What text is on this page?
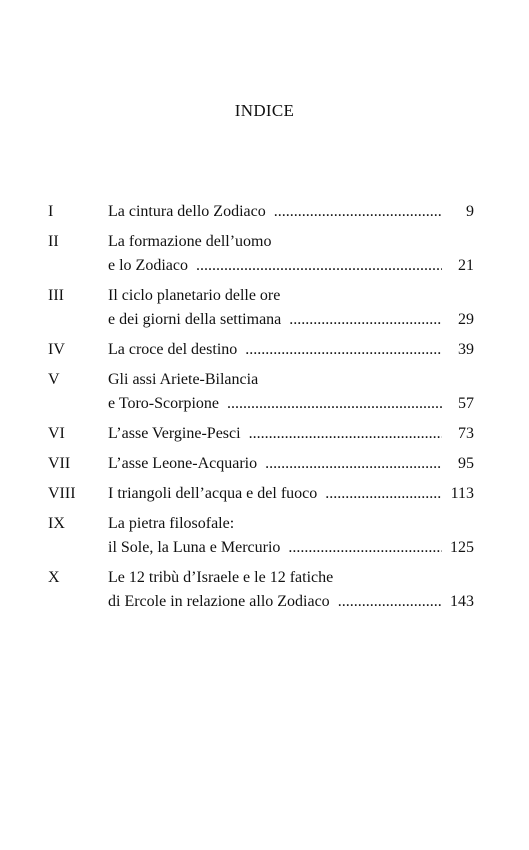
INDICE
I	La cintura dello Zodiaco . . .	9
II	La formazione dell’uomo
e lo Zodiaco . . .	21
III	Il ciclo planetario delle ore
e dei giorni della settimana . . .	29
IV	La croce del destino . . .	39
V	Gli assi Ariete-Bilancia
e Toro-Scorpione . . .	57
VI	L’asse Vergine-Pesci . . .	73
VII	L’asse Leone-Acquario . . .	95
VIII	I triangoli dell’acqua e del fuoco . . .	113
IX	La pietra filosofale:
il Sole, la Luna e Mercurio . . .	125
X	Le 12 tribù d’Israele e le 12 fatiche
di Ercole in relazione allo Zodiaco . . .	143
